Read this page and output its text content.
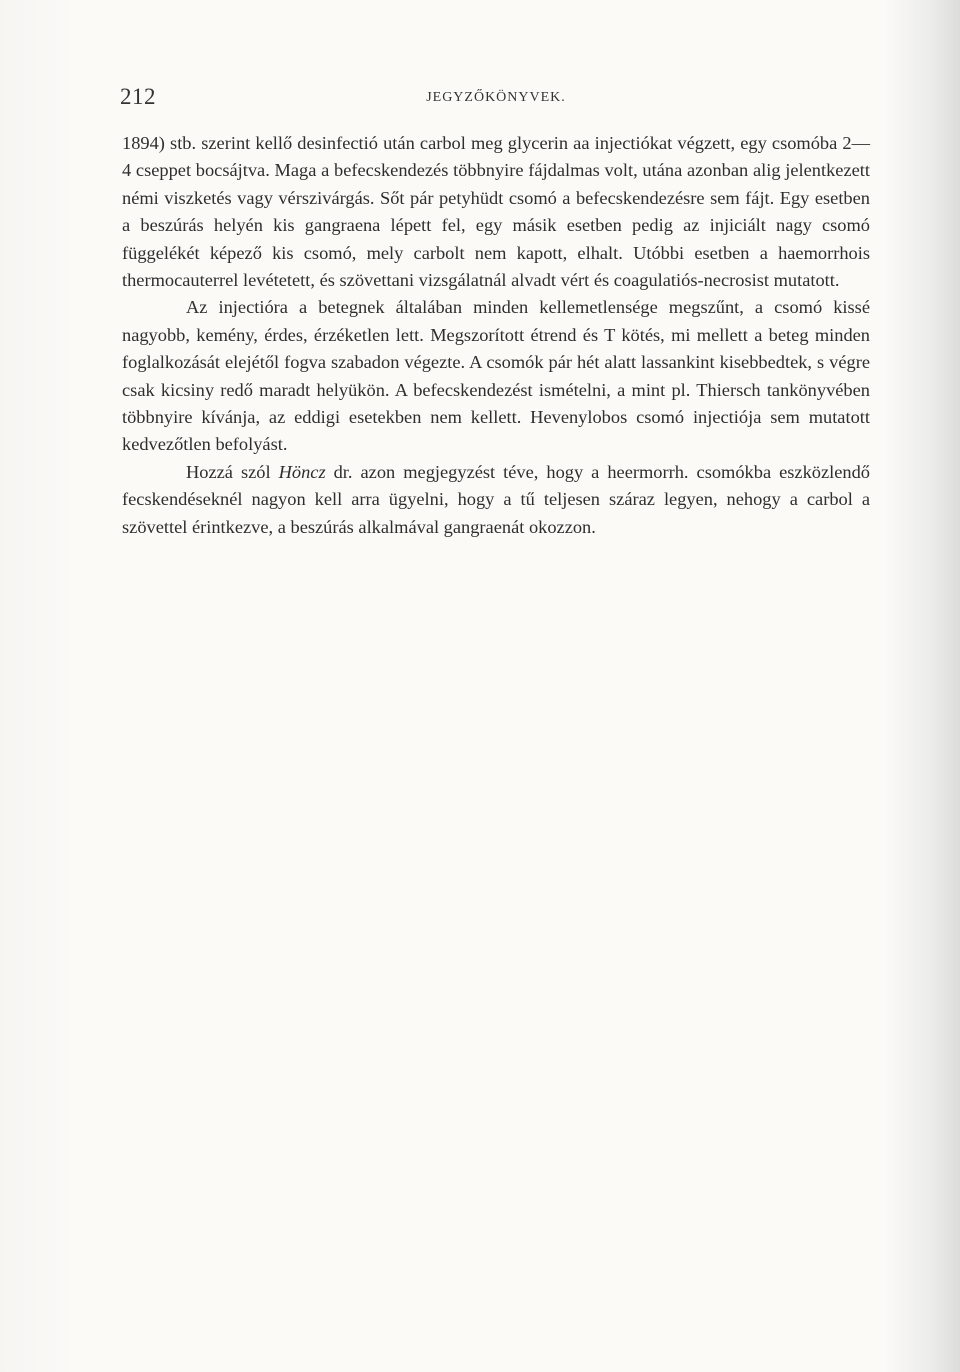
212	JEGYZŐKÖNYVEK.

1894) stb. szerint kellő desinfectió után carbol meg glycerin aa injectiókat végzett, egy csomóba 2—4 cseppet bocsájtva. Maga a befecskendezés többnyire fájdalmas volt, utána azonban alig jelentkezett némi viszketés vagy vérszivárgás. Sőt pár petyhüdt csomó a befecskendezésre sem fájt. Egy esetben a beszúrás helyén kis gangraena lépett fel, egy másik esetben pedig az injiciált nagy csomó függelékét képező kis csomó, mely carbolt nem kapott, elhalt. Utóbbi esetben a haemorrhois thermocauterrel levétetett, és szövettani vizsgálatnál alvadt vért és coagulatiós-necrosist mutatott.

Az injectióra a betegnek általában minden kellemetlensége megszűnt, a csomó kissé nagyobb, kemény, érdes, érzéketlen lett. Megszorított étrend és T kötés, mi mellett a beteg minden foglalkozását elejétől fogva szabadon végezte. A csomók pár hét alatt lassankint kisebbedtek, s végre csak kicsiny redő maradt helyükön. A befecskendezést ismételni, a mint pl. Thiersch tankönyvében többnyire kívánja, az eddigi esetekben nem kellett. Hevenylobos csomó injectiója sem mutatott kedvezőtlen befolyást.

Hozzá szól Höncz dr. azon megjegyzést téve, hogy a heermorrh. csomókba eszközlendő fecskendéseknél nagyon kell arra ügyelni, hogy a tű teljesen száraz legyen, nehogy a carbol a szövettel érintkezve, a beszúrás alkalmával gangraenát okozzon.
